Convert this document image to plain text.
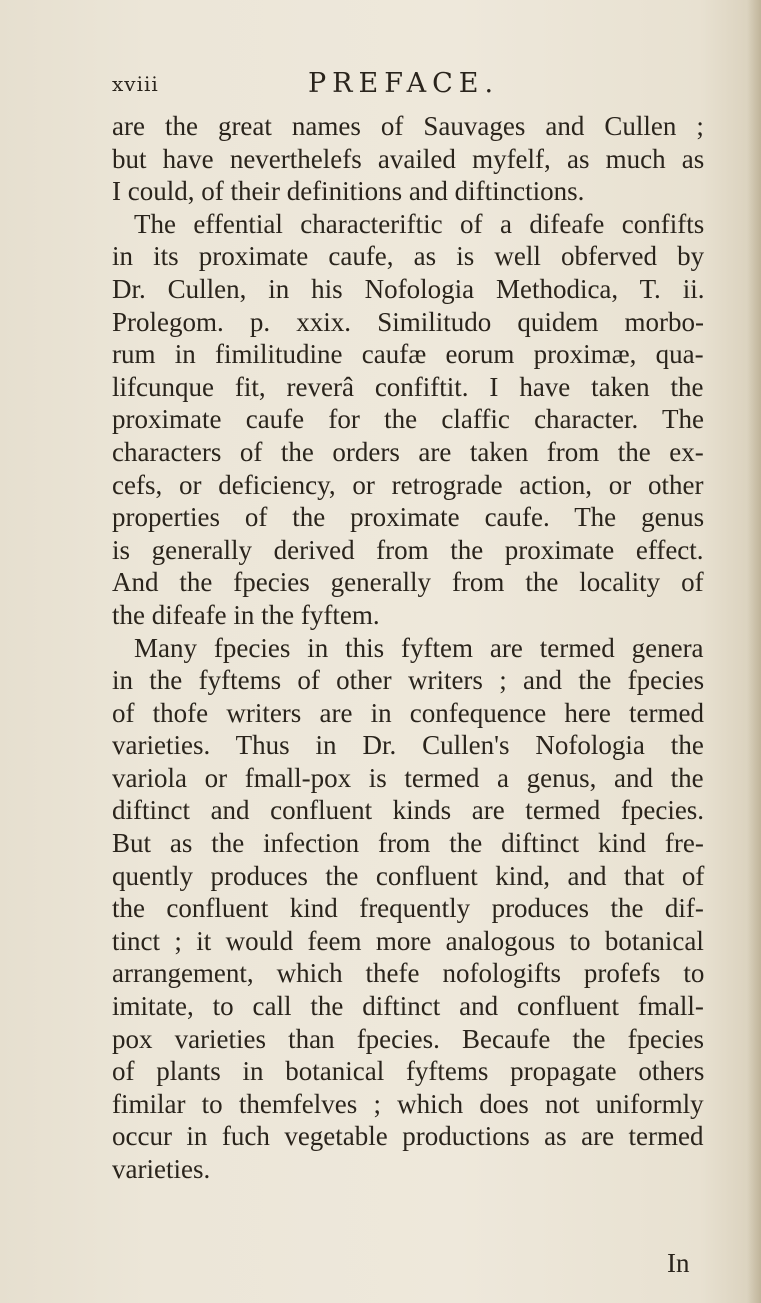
xviii	PREFACE.
are the great names of Sauvages and Cullen ;
but have neverthelefs availed myfelf, as much as
I could, of their definitions and diftinctions.
The effential characteriftic of a difeafe confifts
in its proximate caufe, as is well obferved by
Dr. Cullen, in his Nofologia Methodica, T. ii.
Prolegom. p. xxix. Similitudo quidem morbo-
rum in fimilitudine caufæ eorum proximæ, qua-
lifcunque fit, reverâ confiftit. I have taken the
proximate caufe for the claffic character. The
characters of the orders are taken from the ex-
cefs, or deficiency, or retrograde action, or other
properties of the proximate caufe. The genus
is generally derived from the proximate effect.
And the fpecies generally from the locality of
the difeafe in the fyftem.
Many fpecies in this fyftem are termed genera
in the fyftems of other writers ; and the fpecies
of thofe writers are in confequence here termed
varieties. Thus in Dr. Cullen's Nofologia the
variola or fmall-pox is termed a genus, and the
diftinct and confluent kinds are termed fpecies.
But as the infection from the diftinct kind fre-
quently produces the confluent kind, and that of
the confluent kind frequently produces the dif-
tinct ; it would feem more analogous to botanical
arrangement, which thefe nofologifts profefs to
imitate, to call the diftinct and confluent fmall-
pox varieties than fpecies. Becaufe the fpecies
of plants in botanical fyftems propagate others
fimilar to themfelves ; which does not uniformly
occur in fuch vegetable productions as are termed
varieties.
In
